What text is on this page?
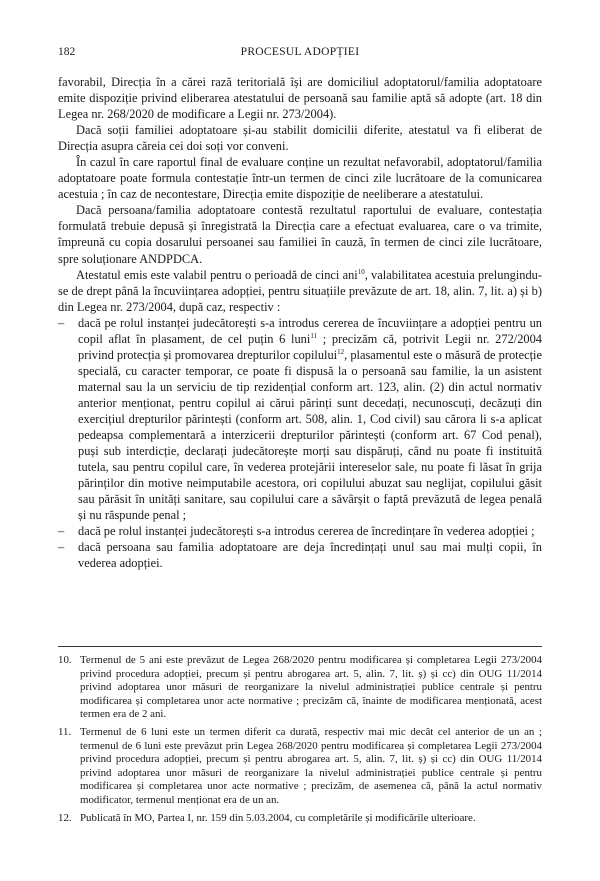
182	PROCESUL ADOPȚIEI

favorabil, Direcția în a cărei rază teritorială își are domiciliul adoptatorul/familia adoptatoare emite dispoziție privind eliberarea atestatului de persoană sau familie aptă să adopte (art. 18 din Legea nr. 268/2020 de modificare a Legii nr. 273/2004).

Dacă soții familiei adoptatoare și-au stabilit domicilii diferite, atestatul va fi eliberat de Direcția asupra căreia cei doi soți vor conveni.

În cazul în care raportul final de evaluare conține un rezultat nefavorabil, adoptatorul/familia adoptatoare poate formula contestație într-un termen de cinci zile lucrătoare de la comunicarea acestuia ; în caz de necontestare, Direcția emite dispoziție de neeliberare a atestatului.

Dacă persoana/familia adoptatoare contestă rezultatul raportului de evaluare, contestația formulată trebuie depusă și înregistrată la Direcția care a efectuat evaluarea, care o va trimite, împreună cu copia dosarului persoanei sau familiei în cauză, în termen de cinci zile lucrătoare, spre soluționare ANDPDCA.

Atestatul emis este valabil pentru o perioadă de cinci ani$^{10}$, valabilitatea acestuia prelungindu-se de drept până la încuviințarea adopției, pentru situațiile prevăzute de art. 18, alin. 7, lit. a) și b) din Legea nr. 273/2004, după caz, respectiv :

– dacă pe rolul instanței judecătorești s-a introdus cererea de încuviințare a adopției pentru un copil aflat în plasament, de cel puțin 6 luni$^{11}$ ; precizăm că, potrivit Legii nr. 272/2004 privind protecția și promovarea drepturilor copilului$^{12}$, plasamentul este o măsură de protecție specială, cu caracter temporar, ce poate fi dispusă la o persoană sau familie, la un asistent maternal sau la un serviciu de tip rezidențial conform art. 123, alin. (2) din actul normativ anterior menționat, pentru copilul ai cărui părinți sunt decedați, necunoscuți, decăzuți din exercițiul drepturilor părintești (conform art. 508, alin. 1, Cod civil) sau cărora li s-a aplicat pedeapsa complementară a interzicerii drepturilor părintești (conform art. 67 Cod penal), puși sub interdicție, declarați judecătorește morți sau dispăruți, când nu poate fi instituită tutela, sau pentru copilul care, în vederea protejării intereselor sale, nu poate fi lăsat în grija părinților din motive neimputabile acestora, ori copilului abuzat sau neglijat, copilului găsit sau părăsit în unități sanitare, sau copilului care a săvârșit o faptă prevăzută de legea penală și nu răspunde penal ;
– dacă pe rolul instanței judecătorești s-a introdus cererea de încredințare în vederea adopției ;
– dacă persoana sau familia adoptatoare are deja încredințați unul sau mai mulți copii, în vederea adopției.
10. Termenul de 5 ani este prevăzut de Legea 268/2020 pentru modificarea și completarea Legii 273/2004 privind procedura adopției, precum și pentru abrogarea art. 5, alin. 7, lit. ș) și cc) din OUG 11/2014 privind adoptarea unor măsuri de reorganizare la nivelul administrației publice centrale și pentru modificarea și completarea unor acte normative ; precizăm că, înainte de modificarea menționată, acest termen era de 2 ani.
11. Termenul de 6 luni este un termen diferit ca durată, respectiv mai mic decât cel anterior de un an ; termenul de 6 luni este prevăzut prin Legea 268/2020 pentru modificarea și completarea Legii 273/2004 privind procedura adopției, precum și pentru abrogarea art. 5, alin. 7, lit. ș) și cc) din OUG 11/2014 privind adoptarea unor măsuri de reorganizare la nivelul administrației publice centrale și pentru modificarea și completarea unor acte normative ; precizăm, de asemenea că, până la actul normativ modificator, termenul menționat era de un an.
12. Publicată în MO, Partea I, nr. 159 din 5.03.2004, cu completările și modificările ulterioare.
